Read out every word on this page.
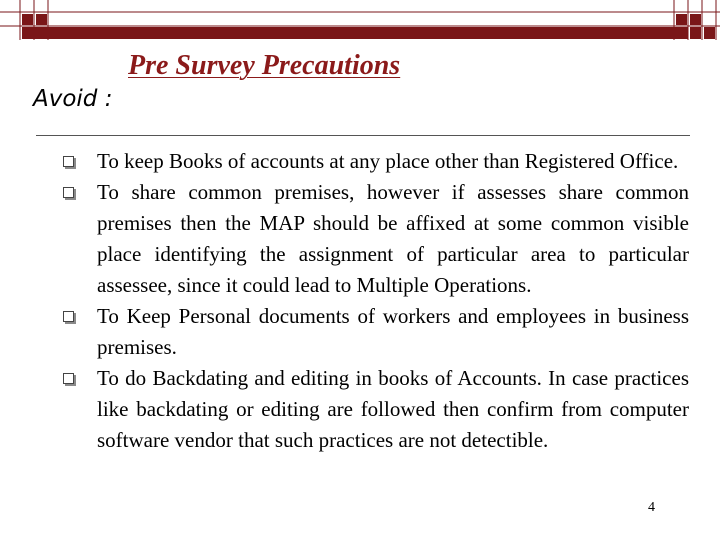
Pre Survey Precautions
Avoid :
To keep Books of accounts at any place other than Registered Office.
To share common premises, however if assesses share common premises then the MAP should be affixed at some common visible place identifying the assignment of particular area to particular assessee, since it could lead to Multiple Operations.
To Keep Personal documents of workers and employees in business premises.
To do Backdating and editing in books of Accounts. In case practices like backdating or editing are followed then confirm from computer software vendor that such practices are not detectible.
4
